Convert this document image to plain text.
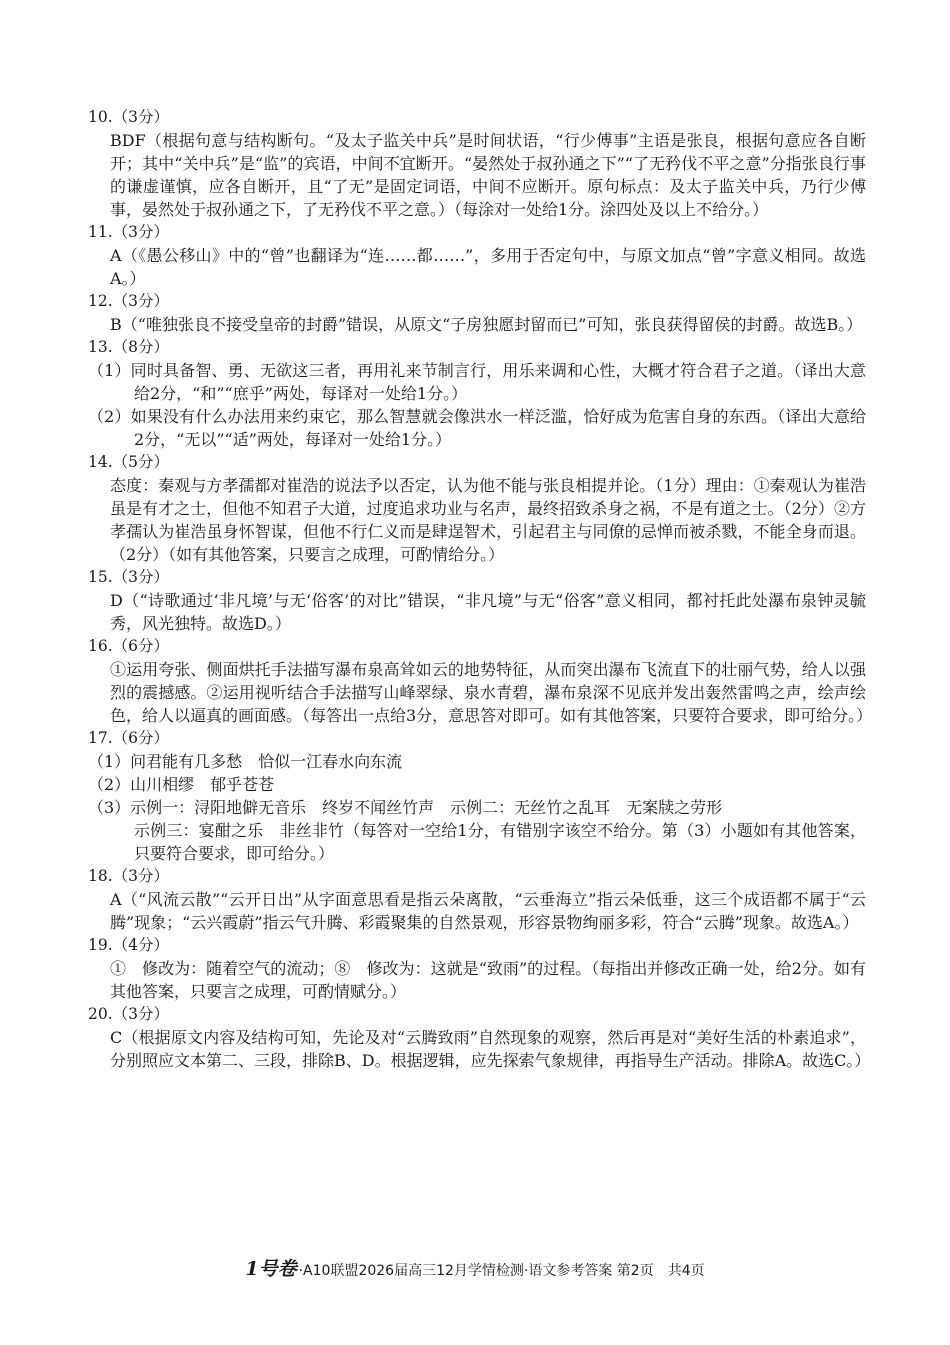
10.（3分）
BDF（根据句意与结构断句。“及太子监关中兵”是时间状语，“行少傅事”主语是张良，根据句意应各自断开；其中“关中兵”是“监”的宾语，中间不宜断开。“晏然处于叔孙通之下”“了无矜伐不平之意”分指张良行事的谦虚谨慎，应各自断开，且“了无”是固定词语，中间不应断开。原句标点：及太子监关中兵，乃行少傅事，晏然处于叔孙通之下，了无矜伐不平之意。）（每涂对一处给1分。涂四处及以上不给分。）
11.（3分）
A（《愚公移山》中的“曾”也翻译为“连……都……”，多用于否定句中，与原文加点“曾”字意义相同。故选A。）
12.（3分）
B（“唯独张良不接受皇帝的封爵”错误，从原文“子房独愿封留而已”可知，张良获得留侯的封爵。故选B。）
13.（8分）
（1）同时具备智、勇、无欲这三者，再用礼来节制言行，用乐来调和心性，大概才符合君子之道。（译出大意给2分，“和”“庶乎”两处，每译对一处给1分。）
（2）如果没有什么办法用来约束它，那么智慧就会像洪水一样泛滥，恰好成为危害自身的东西。（译出大意给2分，“无以”“适”两处，每译对一处给1分。）
14.（5分）
态度：秦观与方孝孺都对崔浩的说法予以否定，认为他不能与张良相提并论。（1分）理由：①秦观认为崔浩虽是有才之士，但他不知君子大道，过度追求功业与名声，最终招致杀身之祸，不是有道之士。（2分）②方孝孺认为崔浩虽身怀智谋，但他不行仁义而是肆逞智术，引起君主与同僚的忌惮而被杀戮，不能全身而退。（2分）（如有其他答案，只要言之成理，可酌情给分。）
15.（3分）
D（“诗歌通过‘非凡境’与无‘俗客’的对比”错误，“非凡境”与无“俗客”意义相同，都衬托此处瀑布泉钟灵毓秀，风光独特。故选D。）
16.（6分）
①运用夸张、侧面烘托手法描写瀑布泉高耸如云的地势特征，从而突出瀑布飞流直下的壮丽气势，给人以强烈的震撼感。②运用视听结合手法描写山峰翠绿、泉水青碧，瀑布泉深不见底并发出轰然雷鸣之声，绘声绘色，给人以逼真的画面感。（每答出一点给3分，意思答对即可。如有其他答案，只要符合要求，即可给分。）
17.（6分）
（1）问君能有几多愁　恰似一江春水向东流
（2）山川相缪　郁乎苍苍
（3）示例一：浔阳地僻无音乐　终岁不闻丝竹声　示例二：无丝竹之乱耳　无案牍之劳形
示例三：宴酣之乐　非丝非竹（每答对一空给1分，有错别字该空不给分。第（3）小题如有其他答案，只要符合要求，即可给分。）
18.（3分）
A（“风流云散”“云开日出”从字面意思看是指云朵离散，“云垂海立”指云朵低垂，这三个成语都不属于“云腾”现象；“云兴霞蔚”指云气升腾、彩霞聚集的自然景观，形容景物绚丽多彩，符合“云腾”现象。故选A。）
19.（4分）
①　修改为：随着空气的流动；⑧　修改为：这就是“致雨”的过程。（每指出并修改正确一处，给2分。如有其他答案，只要言之成理，可酌情赋分。）
20.（3分）
C（根据原文内容及结构可知，先论及对“云腾致雨”自然现象的观察，然后再是对“美好生活的朴素追求”，分别照应文本第二、三段，排除B、D。根据逻辑，应先探索气象规律，再指导生产活动。排除A。故选C。）
1号卷 ·A10联盟2026届高三12月学情检测·语文参考答案 第2页　共4页
